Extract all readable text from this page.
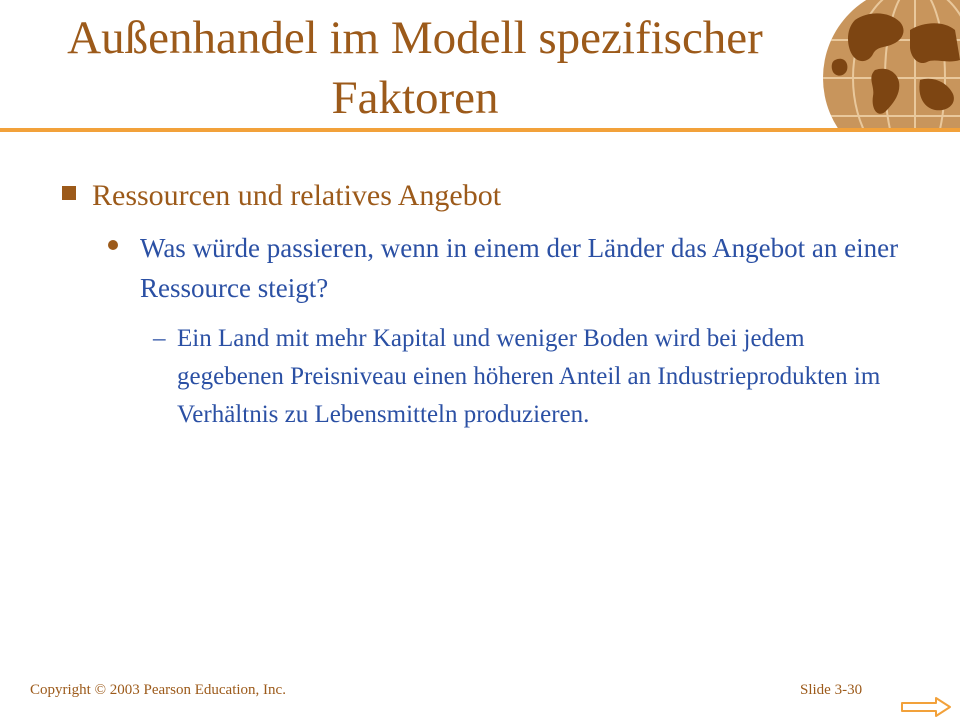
Außenhandel im Modell spezifischer
Faktoren

Ressourcen und relatives Angebot

Was würde passieren, wenn in einem der Länder das Angebot an einer Ressource steigt?

– Ein Land mit mehr Kapital und weniger Boden wird bei jedem gegebenen Preisniveau einen höheren Anteil an Industrieprodukten im Verhältnis zu Lebensmitteln produzieren.

Copyright © 2003 Pearson Education, Inc.	Slide 3-30
